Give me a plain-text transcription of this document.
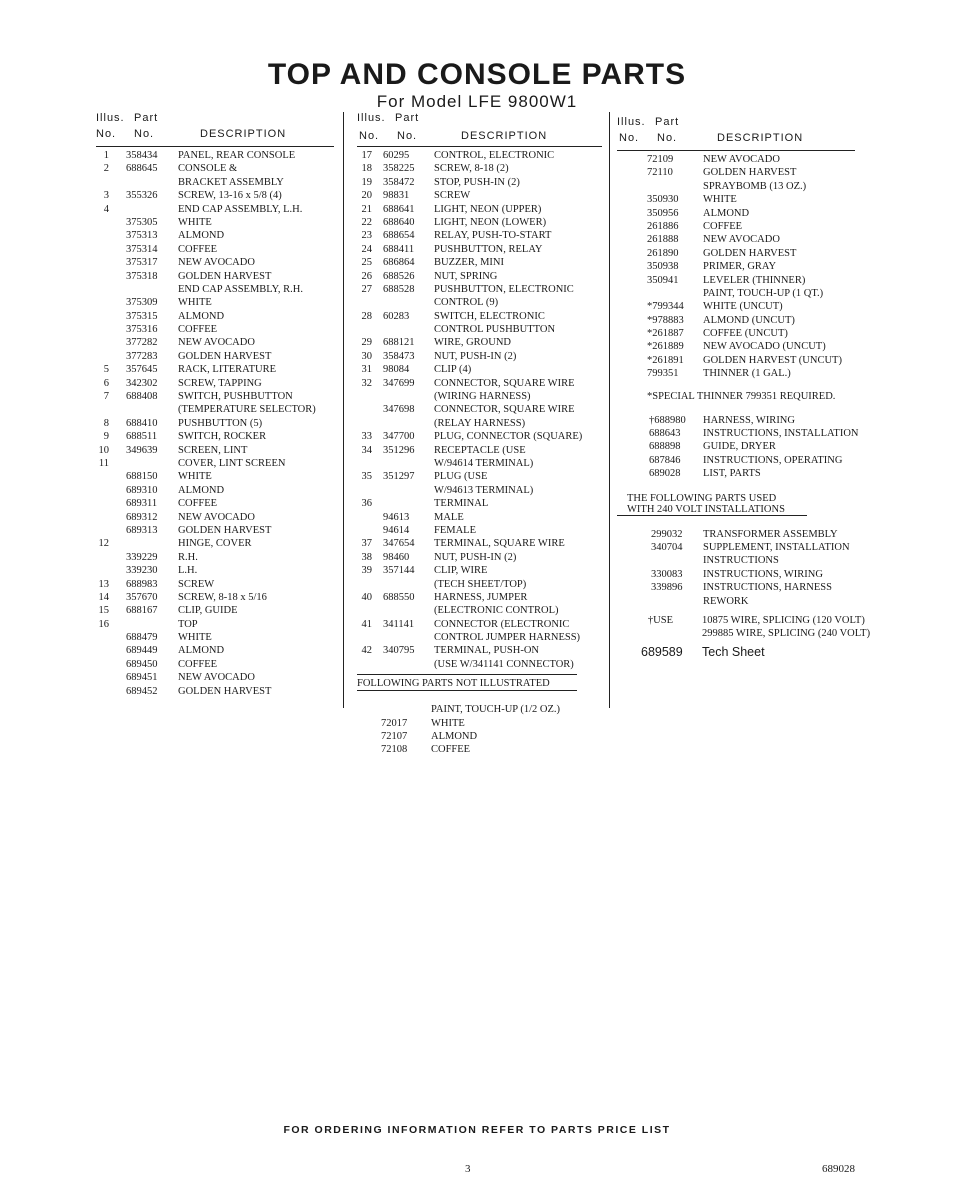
TOP AND CONSOLE PARTS
For Model LFE 9800W1
Illus. Part
No. No.	DESCRIPTION
1 358434 PANEL, REAR CONSOLE
2 688645 CONSOLE &
BRACKET ASSEMBLY
3 355326 SCREW, 13-16 x 5/8 (4)
4	END CAP ASSEMBLY, L.H.
375305 WHITE
375313 ALMOND
375314 COFFEE
375317 NEW AVOCADO
375318 GOLDEN HARVEST
END CAP ASSEMBLY, R.H.
375309 WHITE
375315 ALMOND
375316 COFFEE
377282 NEW AVOCADO
377283 GOLDEN HARVEST
5 357645 RACK, LITERATURE
6 342302 SCREW, TAPPING
7 688408 SWITCH, PUSHBUTTON
(TEMPERATURE SELECTOR)
8 688410 PUSHBUTTON (5)
9 688511 SWITCH, ROCKER
10 349639 SCREEN, LINT
11	COVER, LINT SCREEN
688150 WHITE
689310 ALMOND
689311 COFFEE
689312 NEW AVOCADO
689313 GOLDEN HARVEST
12	HINGE, COVER
339229 R.H.
339230 L.H.
13 688983 SCREW
14 357670 SCREW, 8-18 x 5/16
15 688167 CLIP, GUIDE
16	TOP
688479 WHITE
689449 ALMOND
689450 COFFEE
689451 NEW AVOCADO
689452 GOLDEN HARVEST
Illus. Part
No. No.	DESCRIPTION
17 60295 CONTROL, ELECTRONIC
18 358225 SCREW, 8-18 (2)
19 358472 STOP, PUSH-IN (2)
20 98831 SCREW
21 688641 LIGHT, NEON (UPPER)
22 688640 LIGHT, NEON (LOWER)
23 688654 RELAY, PUSH-TO-START
24 688411 PUSHBUTTON, RELAY
25 686864 BUZZER, MINI
26 688526 NUT, SPRING
27 688528 PUSHBUTTON, ELECTRONIC
CONTROL (9)
28 60283 SWITCH, ELECTRONIC
CONTROL PUSHBUTTON
29 688121 WIRE, GROUND
30 358473 NUT, PUSH-IN (2)
31 98084 CLIP (4)
32 347699 CONNECTOR, SQUARE WIRE
(WIRING HARNESS)
347698 CONNECTOR, SQUARE WIRE
(RELAY HARNESS)
33 347700 PLUG, CONNECTOR (SQUARE)
34 351296 RECEPTACLE (USE
W/94614 TERMINAL)
35 351297 PLUG (USE
W/94613 TERMINAL)
36	TERMINAL
94613 MALE
94614 FEMALE
37 347654 TERMINAL, SQUARE WIRE
38 98460 NUT, PUSH-IN (2)
39 357144 CLIP, WIRE
(TECH SHEET/TOP)
40 688550 HARNESS, JUMPER
(ELECTRONIC CONTROL)
41 341141 CONNECTOR (ELECTRONIC
CONTROL JUMPER HARNESS)
42 340795 TERMINAL, PUSH-ON
(USE W/341141 CONNECTOR)
FOLLOWING PARTS NOT ILLUSTRATED
PAINT, TOUCH-UP (1/2 OZ.)
72017 WHITE
72107 ALMOND
72108 COFFEE
Illus. Part
No. No.	DESCRIPTION
72109	NEW AVOCADO
72110	GOLDEN HARVEST
SPRAYBOMB (13 OZ.)
350930 WHITE
350956 ALMOND
261886 COFFEE
261888 NEW AVOCADO
261890 GOLDEN HARVEST
350938 PRIMER, GRAY
350941 LEVELER (THINNER)
PAINT, TOUCH-UP (1 QT.)
*799344 WHITE (UNCUT)
*978883 ALMOND (UNCUT)
*261887 COFFEE (UNCUT)
*261889 NEW AVOCADO (UNCUT)
*261891 GOLDEN HARVEST (UNCUT)
799351 THINNER (1 GAL.)
*SPECIAL THINNER 799351 REQUIRED.
†688980 HARNESS, WIRING
688643 INSTRUCTIONS, INSTALLATION
688898 GUIDE, DRYER
687846 INSTRUCTIONS, OPERATING
689028 LIST, PARTS
THE FOLLOWING PARTS USED
WITH 240 VOLT INSTALLATIONS
299032 TRANSFORMER ASSEMBLY
340704 SUPPLEMENT, INSTALLATION
INSTRUCTIONS
330083 INSTRUCTIONS, WIRING
339896 INSTRUCTIONS, HARNESS
REWORK
†USE	10875 WIRE, SPLICING (120 VOLT)
299885 WIRE, SPLICING (240 VOLT)
689589 Tech Sheet
FOR ORDERING INFORMATION REFER TO PARTS PRICE LIST
3	689028
